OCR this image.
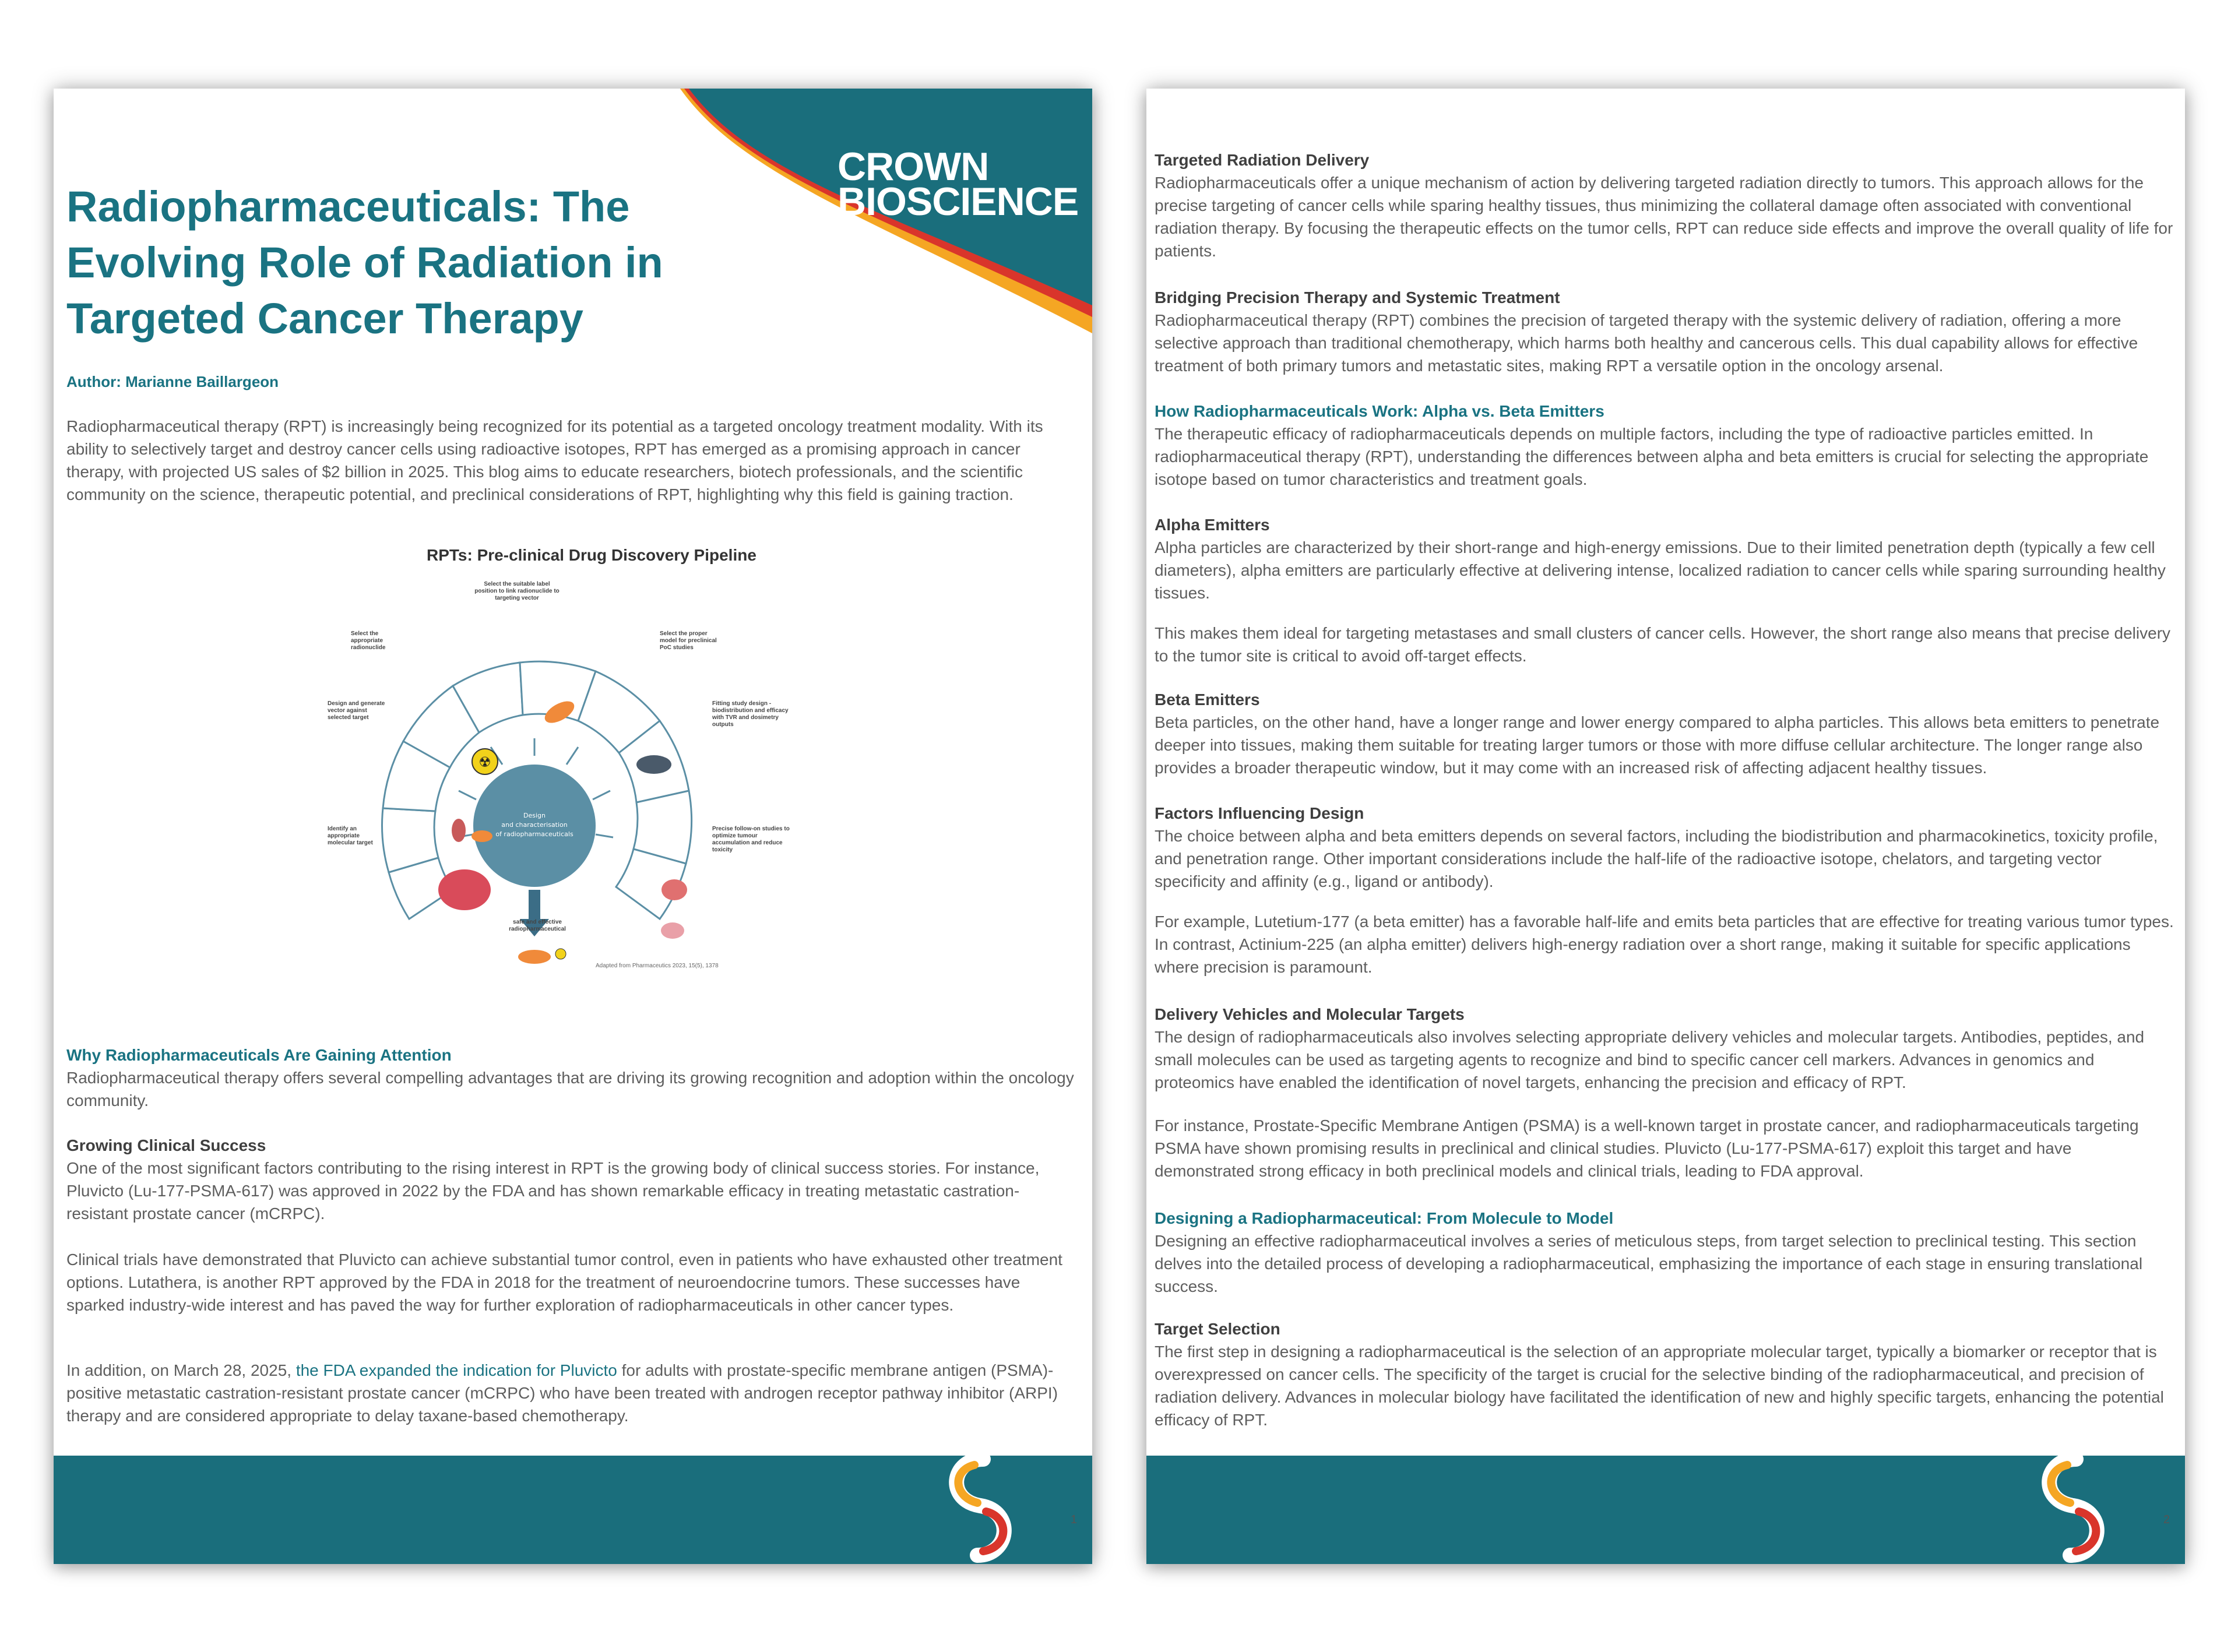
CROWN
BIOSCIENCE
Radiopharmaceuticals: The Evolving Role of Radiation in Targeted Cancer Therapy

Author: Marianne Baillargeon

Radiopharmaceutical therapy (RPT) is increasingly being recognized for its potential as a targeted oncology treatment modality. With its ability to selectively target and destroy cancer cells using radioactive isotopes, RPT has emerged as a promising approach in cancer therapy, with projected US sales of $2 billion in 2025. This blog aims to educate researchers, biotech professionals, and the scientific community on the science, therapeutic potential, and preclinical considerations of RPT, highlighting why this field is gaining traction.

RPTs: Pre-clinical Drug Discovery Pipeline

Design
and characterisation
of radiopharmaceuticals
☢

Select the suitable label position to link radionuclide to targeting vector

Select the appropriate radionuclide

Select the proper model for preclinical PoC studies

Design and generate vector against selected target

Fitting study design - biodistribution and efficacy with TVR and dosimetry outputs

Identify an appropriate molecular target

Precise follow-on studies to optimize tumour accumulation and reduce toxicity

safe and effective radiopharmaceutical

Adapted from Pharmaceutics 2023, 15(5), 1378

Why Radiopharmaceuticals Are Gaining Attention

Radiopharmaceutical therapy offers several compelling advantages that are driving its growing recognition and adoption within the oncology community.

Growing Clinical Success

One of the most significant factors contributing to the rising interest in RPT is the growing body of clinical success stories. For instance, Pluvicto (Lu-177-PSMA-617) was approved in 2022 by the FDA and has shown remarkable efficacy in treating metastatic castration-resistant prostate cancer (mCRPC).

Clinical trials have demonstrated that Pluvicto can achieve substantial tumor control, even in patients who have exhausted other treatment options. Lutathera, is another RPT approved by the FDA in 2018 for the treatment of neuroendocrine tumors. These successes have sparked industry-wide interest and has paved the way for further exploration of radiopharmaceuticals in other cancer types.

In addition, on March 28, 2025, the FDA expanded the indication for Pluvicto for adults with prostate-specific membrane antigen (PSMA)-positive metastatic castration-resistant prostate cancer (mCRPC) who have been treated with androgen receptor pathway inhibitor (ARPI) therapy and are considered appropriate to delay taxane-based chemotherapy.

1

Targeted Radiation Delivery

Radiopharmaceuticals offer a unique mechanism of action by delivering targeted radiation directly to tumors. This approach allows for the precise targeting of cancer cells while sparing healthy tissues, thus minimizing the collateral damage often associated with conventional radiation therapy. By focusing the therapeutic effects on the tumor cells, RPT can reduce side effects and improve the overall quality of life for patients.

Bridging Precision Therapy and Systemic Treatment

Radiopharmaceutical therapy (RPT) combines the precision of targeted therapy with the systemic delivery of radiation, offering a more selective approach than traditional chemotherapy, which harms both healthy and cancerous cells. This dual capability allows for effective treatment of both primary tumors and metastatic sites, making RPT a versatile option in the oncology arsenal.

How Radiopharmaceuticals Work: Alpha vs. Beta Emitters

The therapeutic efficacy of radiopharmaceuticals depends on multiple factors, including the type of radioactive particles emitted. In radiopharmaceutical therapy (RPT), understanding the differences between alpha and beta emitters is crucial for selecting the appropriate isotope based on tumor characteristics and treatment goals.

Alpha Emitters

Alpha particles are characterized by their short-range and high-energy emissions. Due to their limited penetration depth (typically a few cell diameters), alpha emitters are particularly effective at delivering intense, localized radiation to cancer cells while sparing surrounding healthy tissues.

This makes them ideal for targeting metastases and small clusters of cancer cells. However, the short range also means that precise delivery to the tumor site is critical to avoid off-target effects.

Beta Emitters

Beta particles, on the other hand, have a longer range and lower energy compared to alpha particles. This allows beta emitters to penetrate deeper into tissues, making them suitable for treating larger tumors or those with more diffuse cellular architecture. The longer range also provides a broader therapeutic window, but it may come with an increased risk of affecting adjacent healthy tissues.

Factors Influencing Design

The choice between alpha and beta emitters depends on several factors, including the biodistribution and pharmacokinetics, toxicity profile, and penetration range. Other important considerations include the half-life of the radioactive isotope, chelators, and targeting vector specificity and affinity (e.g., ligand or antibody).

For example, Lutetium-177 (a beta emitter) has a favorable half-life and emits beta particles that are effective for treating various tumor types. In contrast, Actinium-225 (an alpha emitter) delivers high-energy radiation over a short range, making it suitable for specific applications where precision is paramount.

Delivery Vehicles and Molecular Targets

The design of radiopharmaceuticals also involves selecting appropriate delivery vehicles and molecular targets. Antibodies, peptides, and small molecules can be used as targeting agents to recognize and bind to specific cancer cell markers. Advances in genomics and proteomics have enabled the identification of novel targets, enhancing the precision and efficacy of RPT.

For instance, Prostate-Specific Membrane Antigen (PSMA) is a well-known target in prostate cancer, and radiopharmaceuticals targeting PSMA have shown promising results in preclinical and clinical studies. Pluvicto (Lu-177-PSMA-617) exploit this target and have demonstrated strong efficacy in both preclinical models and clinical trials, leading to FDA approval.

Designing a Radiopharmaceutical: From Molecule to Model

Designing an effective radiopharmaceutical involves a series of meticulous steps, from target selection to preclinical testing. This section delves into the detailed process of developing a radiopharmaceutical, emphasizing the importance of each stage in ensuring translational success.

Target Selection

The first step in designing a radiopharmaceutical is the selection of an appropriate molecular target, typically a biomarker or receptor that is overexpressed on cancer cells. The specificity of the target is crucial for the selective binding of the radiopharmaceutical, and precision of radiation delivery. Advances in molecular biology have facilitated the identification of new and highly specific targets, enhancing the potential efficacy of RPT.

2
